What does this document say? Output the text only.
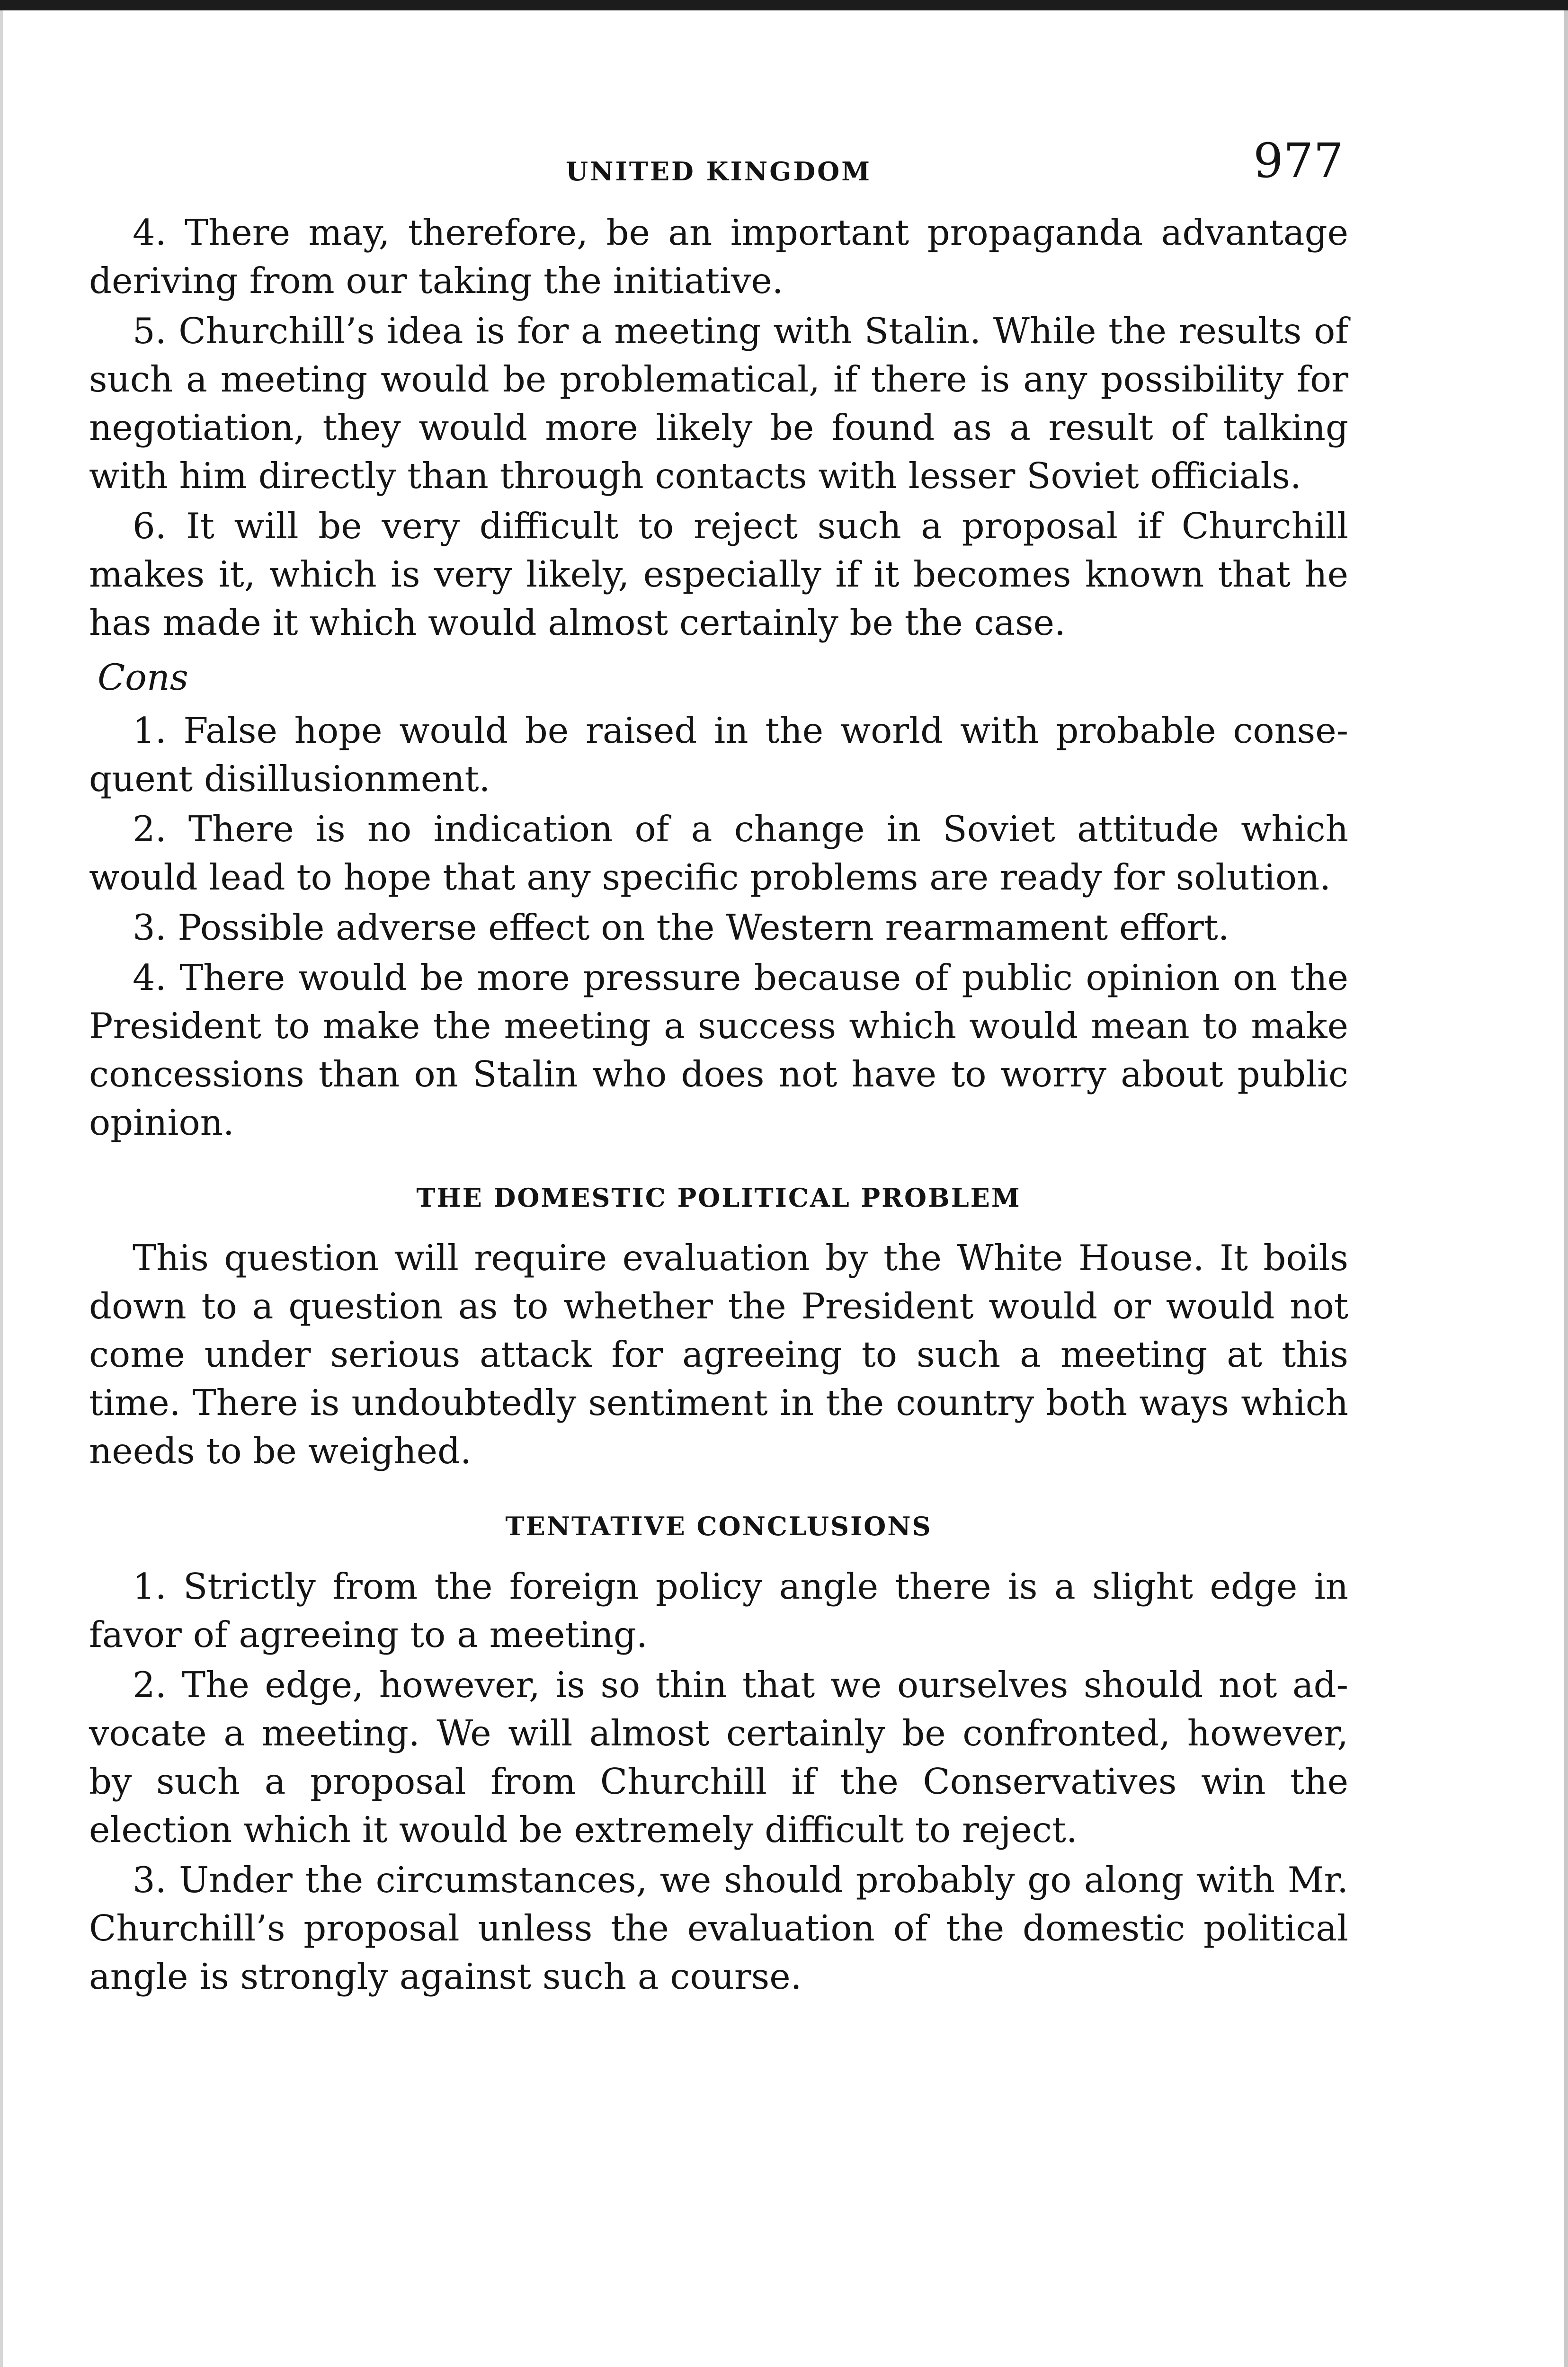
UNITED KINGDOM	977

4. There may, therefore, be an important propaganda advantage deriving from our taking the initiative.

5. Churchill’s idea is for a meeting with Stalin. While the results of such a meeting would be problematical, if there is any possibility for negotiation, they would more likely be found as a result of talking with him directly than through contacts with lesser Soviet officials.

6. It will be very difficult to reject such a proposal if Churchill makes it, which is very likely, especially if it becomes known that he has made it which would almost certainly be the case.

Cons

1. False hope would be raised in the world with probable consequent disillusionment.

2. There is no indication of a change in Soviet attitude which would lead to hope that any specific problems are ready for solution.

3. Possible adverse effect on the Western rearmament effort.

4. There would be more pressure because of public opinion on the President to make the meeting a success which would mean to make concessions than on Stalin who does not have to worry about public opinion.

THE DOMESTIC POLITICAL PROBLEM

This question will require evaluation by the White House. It boils down to a question as to whether the President would or would not come under serious attack for agreeing to such a meeting at this time. There is undoubtedly sentiment in the country both ways which needs to be weighed.

TENTATIVE CONCLUSIONS

1. Strictly from the foreign policy angle there is a slight edge in favor of agreeing to a meeting.

2. The edge, however, is so thin that we ourselves should not advocate a meeting. We will almost certainly be confronted, however, by such a proposal from Churchill if the Conservatives win the election which it would be extremely difficult to reject.

3. Under the circumstances, we should probably go along with Mr. Churchill’s proposal unless the evaluation of the domestic political angle is strongly against such a course.
